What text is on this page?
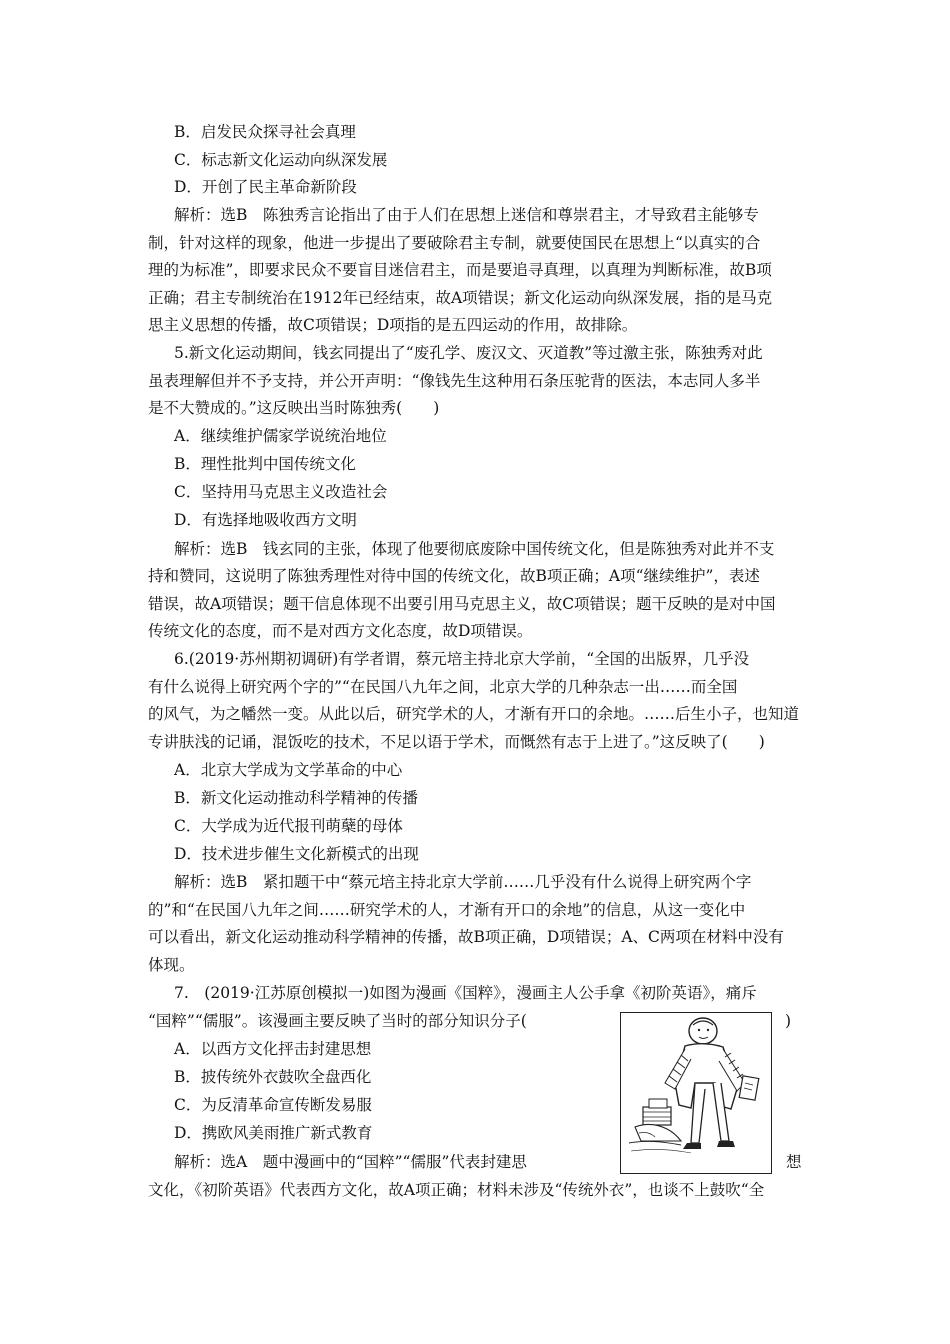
B．启发民众探寻社会真理
C．标志新文化运动向纵深发展
D．开创了民主革命新阶段
解析：选B　陈独秀言论指出了由于人们在思想上迷信和尊崇君主，才导致君主能够专
制，针对这样的现象，他进一步提出了要破除君主专制，就要使国民在思想上“以真实的合
理的为标准”，即要求民众不要盲目迷信君主，而是要追寻真理，以真理为判断标准，故B项
正确；君主专制统治在1912年已经结束，故A项错误；新文化运动向纵深发展，指的是马克
思主义思想的传播，故C项错误；D项指的是五四运动的作用，故排除。
5.新文化运动期间，钱玄同提出了“废孔学、废汉文、灭道教”等过激主张，陈独秀对此
虽表理解但并不予支持，并公开声明：“像钱先生这种用石条压驼背的医法，本志同人多半
是不大赞成的。”这反映出当时陈独秀(　　)
A．继续维护儒家学说统治地位
B．理性批判中国传统文化
C．坚持用马克思主义改造社会
D．有选择地吸收西方文明
解析：选B　钱玄同的主张，体现了他要彻底废除中国传统文化，但是陈独秀对此并不支
持和赞同，这说明了陈独秀理性对待中国的传统文化，故B项正确；A项“继续维护”，表述
错误，故A项错误；题干信息体现不出要引用马克思主义，故C项错误；题干反映的是对中国
传统文化的态度，而不是对西方文化态度，故D项错误。
6.(2019·苏州期初调研)有学者谓，蔡元培主持北京大学前，“全国的出版界，几乎没
有什么说得上研究两个字的”“在民国八九年之间，北京大学的几种杂志一出……而全国
的风气，为之幡然一变。从此以后，研究学术的人，才渐有开口的余地。……后生小子，也知道
专讲肤浅的记诵，混饭吃的技术，不足以语于学术，而慨然有志于上进了。”这反映了(　　)
A．北京大学成为文学革命的中心
B．新文化运动推动科学精神的传播
C．大学成为近代报刊萌蘖的母体
D．技术进步催生文化新模式的出现
解析：选B　紧扣题干中“蔡元培主持北京大学前……几乎没有什么说得上研究两个字
的”和“在民国八九年之间……研究学术的人，才渐有开口的余地”的信息，从这一变化中
可以看出，新文化运动推动科学精神的传播，故B项正确，D项错误；A、C两项在材料中没有
体现。
7.　(2019·江苏原创模拟一)如图为漫画《国粹》，漫画主人公手拿《初阶英语》，痛斥
“国粹”“儒服”。该漫画主要反映了当时的部分知识分子(	)
A．以西方文化抨击封建思想
B．披传统外衣鼓吹全盘西化
C．为反清革命宣传断发易服
D．携欧风美雨推广新式教育
解析：选A　题中漫画中的“国粹”“儒服”代表封建思	想
文化，《初阶英语》代表西方文化，故A项正确；材料未涉及“传统外衣”，也谈不上鼓吹“全
